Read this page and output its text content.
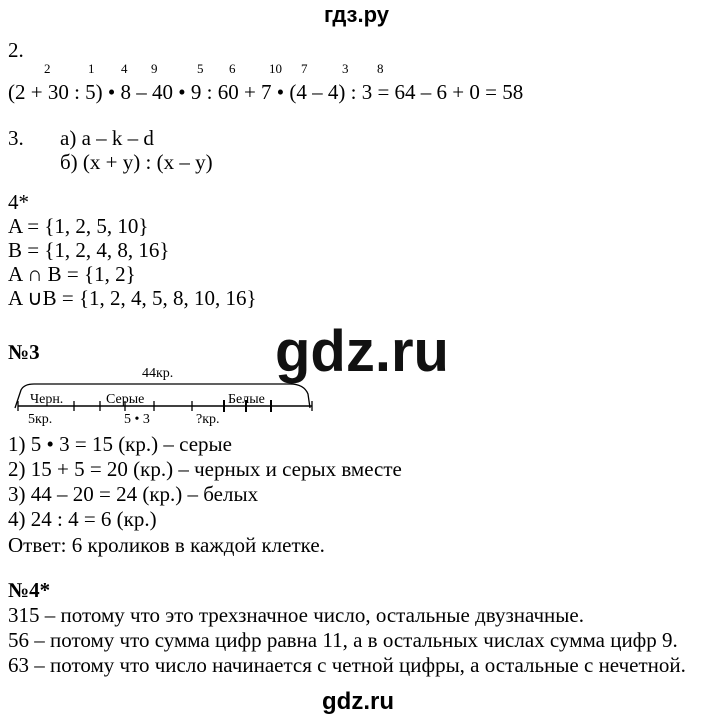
гдз.ру
2.
2	1 4 9	5 6	10 7	3 8
(2 + 30 : 5) • 8 – 40 • 9 : 60 + 7 • (4 – 4) : 3 = 64 – 6 + 0 = 58
3. а) a – k – d
б) (x + y) : (x – y)
4*
A = {1, 2, 5, 10}
B = {1, 2, 4, 8, 16}
A ∩ B = {1, 2}
A ∪B = {1, 2, 4, 5, 8, 10, 16}
gdz.ru
№3
44кр.
Черн.	Серые	Белые
5кр.	5 • 3	?кр.
1) 5 • 3 = 15 (кр.) – серые
2) 15 + 5 = 20 (кр.) – черных и серых вместе
3) 44 – 20 = 24 (кр.) – белых
4) 24 : 4 = 6 (кр.)
Ответ: 6 кроликов в каждой клетке.
№4*
315 – потому что это трехзначное число, остальные двузначные.
56 – потому что сумма цифр равна 11, а в остальных числах сумма цифр 9.
63 – потому что число начинается с четной цифры, а остальные с нечетной.
gdz.ru
